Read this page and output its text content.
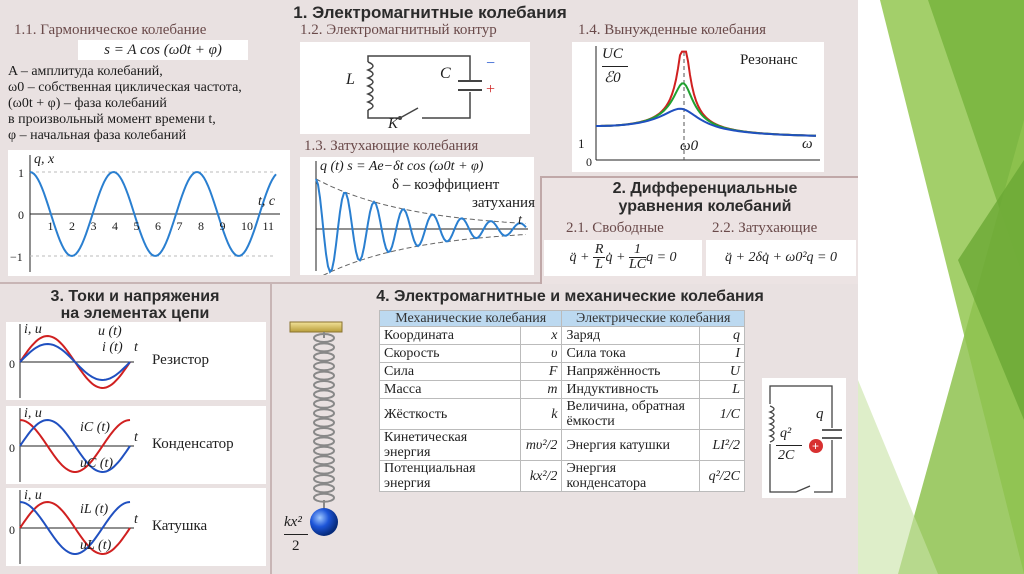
1. Электромагнитные колебания
1.1. Гармоническое колебание
s = A cos (ω0t + φ)
A – амплитуда колебаний,
ω0 – собственная циклическая частота,
(ω0t + φ) – фаза колебаний
в произвольный момент времени t,
φ – начальная фаза колебаний
q, x
1
0
−1
t, c
1 2 3 4 5 6 7 8 9 10 11
1.2. Электромагнитный контур
L	C
−
+
K
1.3. Затухающие колебания
q (t) s = Ae−δt cos (ω0t + φ)
δ – коэффициент
затухания
t
1.4. Вынужденные колебания
UC
ℰ0
Резонанс
1
0
ω0	ω
2. Дифференциальные
уравнения колебаний
2.1. Свободные	2.2. Затухающие
q̈ + $\frac{R}{L}$ q̇ + $\frac{1}{LC}$ q = 0	q̈ + 2δq̇ + ω0²q = 0
3. Токи и напряжения
на элементах цепи
i, u
0
u (t)
i (t) t
Резистор
i, u
0
iC (t)
uC (t)
t Конденсатор
i, u
0
iL (t)
uL (t)
t Катушка
4. Электромагнитные и механические колебания
kx²
2
Механические колебания		Электрические колебания	
Координата	x	Заряд	q
Скорость	υ	Сила тока	I
Сила	F	Напряжённость	U
Масса	m	Индуктивность	L
Жёсткость	k	Величина, обратная ёмкости	1/C
Кинетическая энергия	mυ²/2	Энергия катушки	LI²/2
Потенциальная энергия	kx²/2	Энергия конденсатора	q²/2C
+
q
q²
2C
